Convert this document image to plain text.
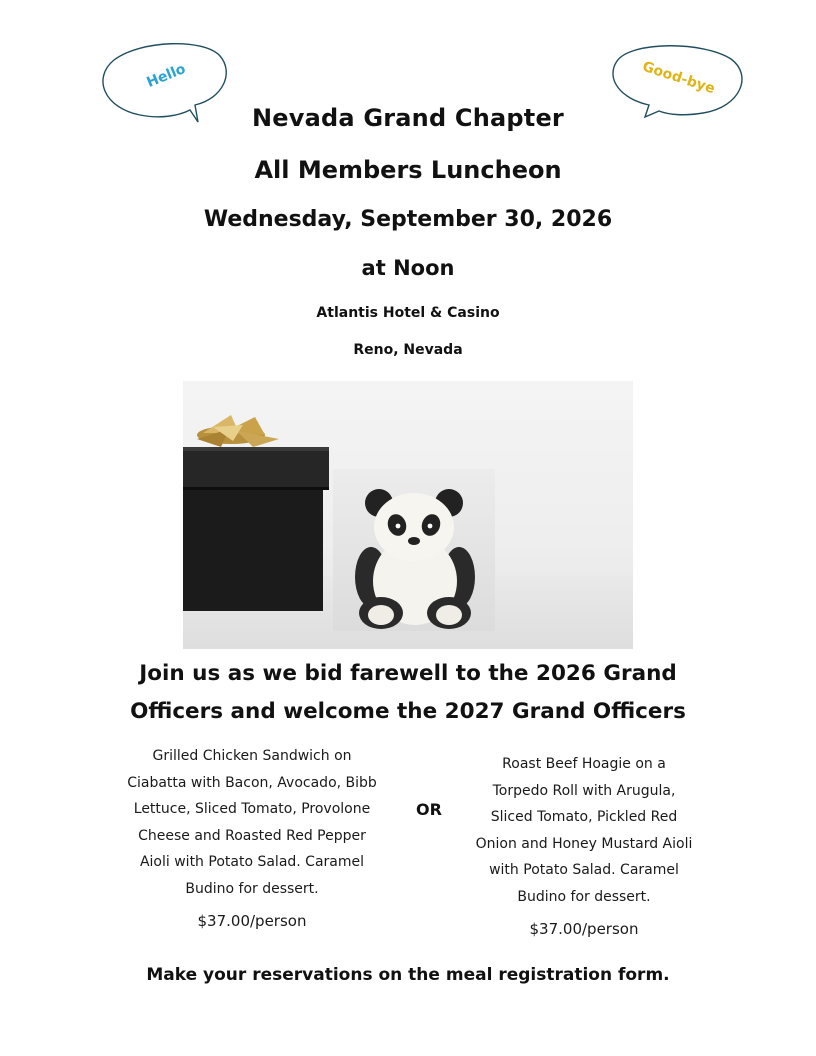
Hello	Good-bye
Nevada Grand Chapter
All Members Luncheon
Wednesday, September 30, 2026
at Noon
Atlantis Hotel & Casino
Reno, Nevada
Join us as we bid farewell to the 2026 Grand
Officers and welcome the 2027 Grand Officers
Grilled Chicken Sandwich on
Ciabatta with Bacon, Avocado, Bibb
Lettuce, Sliced Tomato, Provolone
Cheese and Roasted Red Pepper
Aioli with Potato Salad. Caramel
Budino for dessert.
$37.00/person
OR
Roast Beef Hoagie on a
Torpedo Roll with Arugula,
Sliced Tomato, Pickled Red
Onion and Honey Mustard Aioli
with Potato Salad. Caramel
Budino for dessert.
$37.00/person
Make your reservations on the meal registration form.
